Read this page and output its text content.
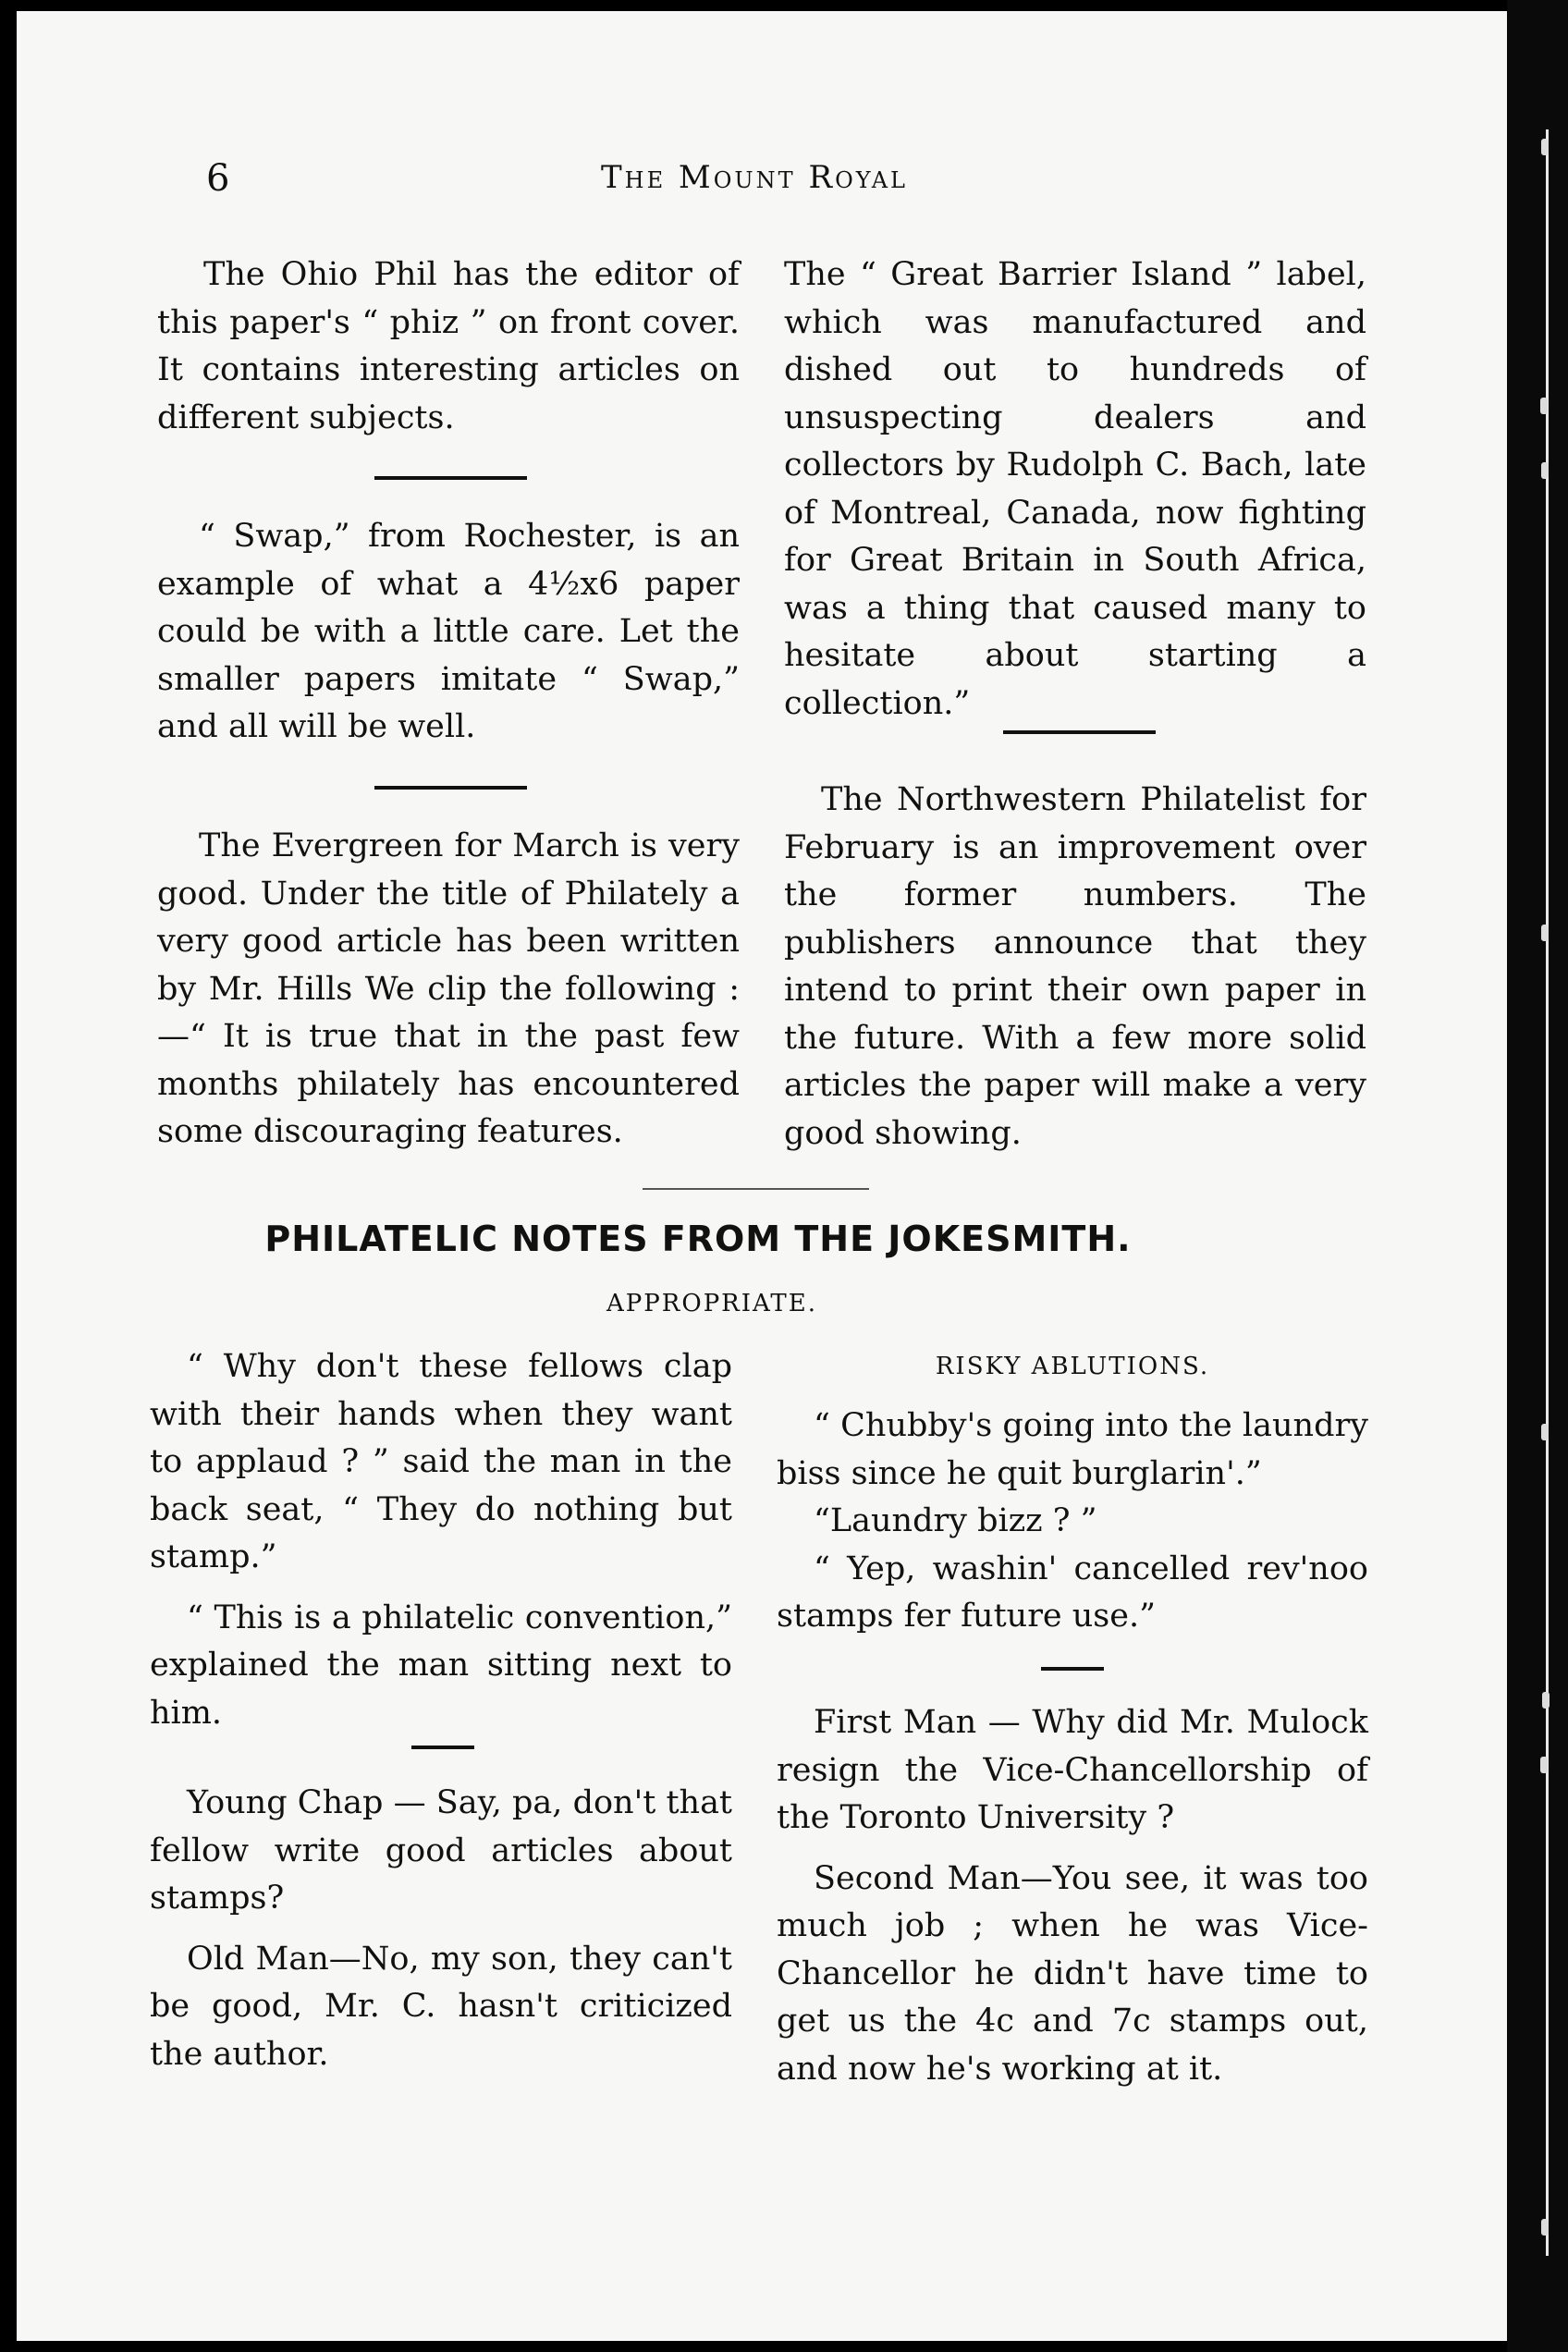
6	The Mount Royal

The Ohio Phil has the editor of this paper's “ phiz ” on front cover. It contains interesting articles on different subjects.

“ Swap,” from Rochester, is an example of what a 4½x6 paper could be with a little care. Let the smaller papers imitate “ Swap,” and all will be well.

The Evergreen for March is very good. Under the title of Philately a very good article has been written by Mr. Hills We clip the following :—“ It is true that in the past few months philately has encountered some discouraging features.

The “ Great Barrier Island ” label, which was manufactured and dished out to hundreds of unsuspecting dealers and collectors by Rudolph C. Bach, late of Montreal, Canada, now fighting for Great Britain in South Africa, was a thing that caused many to hesitate about starting a collection.”

The Northwestern Philatelist for February is an improvement over the former numbers. The publishers announce that they intend to print their own paper in the future. With a few more solid articles the paper will make a very good showing.

PHILATELIC NOTES FROM THE JOKESMITH.
APPROPRIATE.

“ Why don't these fellows clap with their hands when they want to applaud ? ” said the man in the back seat, “ They do nothing but stamp.”

“ This is a philatelic convention,” explained the man sitting next to him.

Young Chap — Say, pa, don't that fellow write good articles about stamps?

Old Man—No, my son, they can't be good, Mr. C. hasn't criticized the author.

RISKY ABLUTIONS.

“ Chubby's going into the laundry biss since he quit burglarin'.”

“Laundry bizz ? ”

“ Yep, washin' cancelled rev'noo stamps fer future use.”

First Man — Why did Mr. Mulock resign the Vice-Chancellorship of the Toronto University ?

Second Man—You see, it was too much job ; when he was Vice-Chancellor he didn't have time to get us the 4c and 7c stamps out, and now he's working at it.
